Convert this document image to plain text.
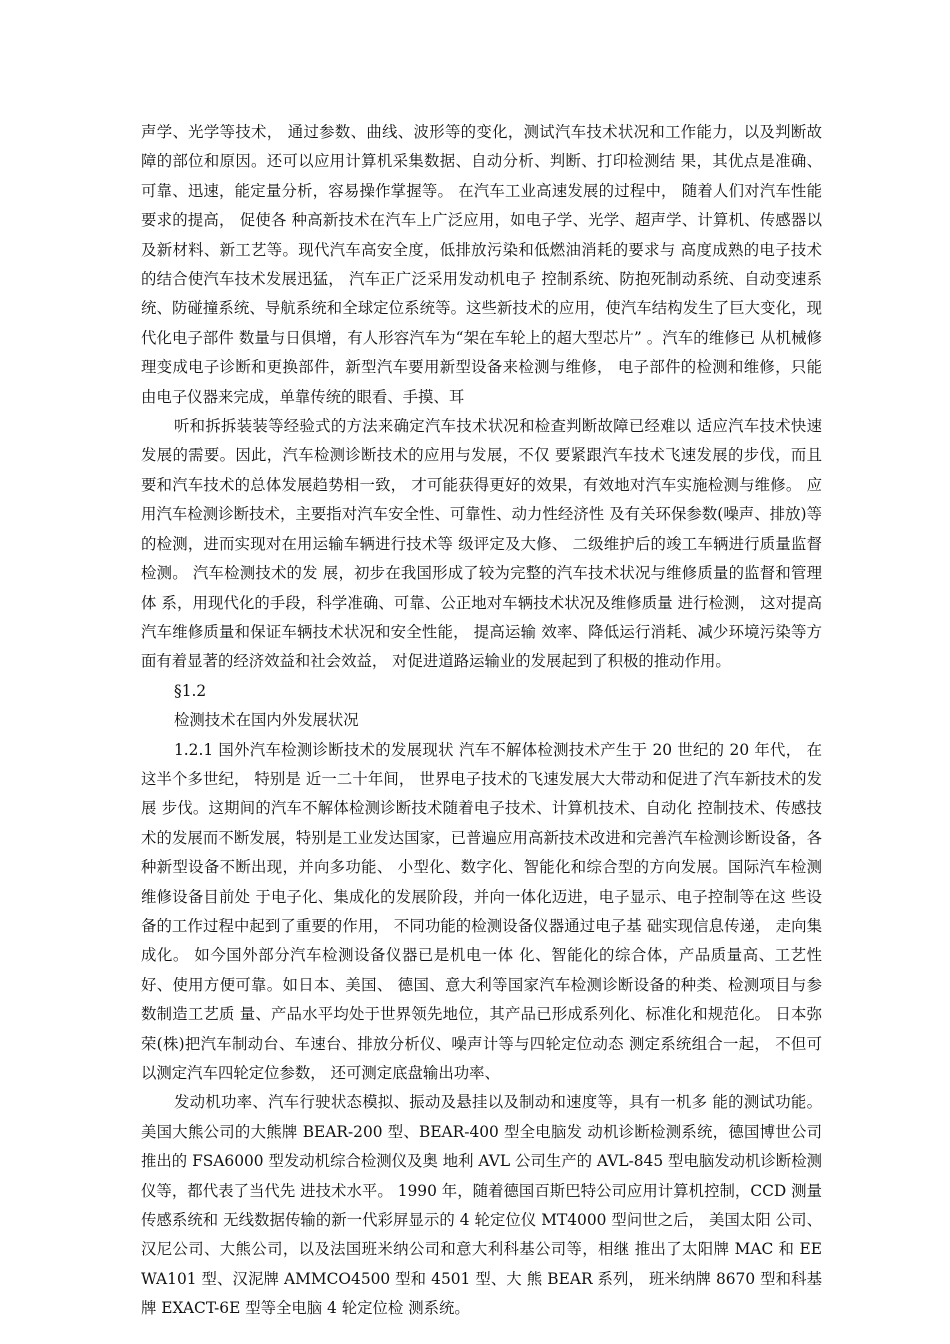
声学、光学等技术， 通过参数、曲线、波形等的变化，测试汽车技术状况和工作能力，以及判断故 障的部位和原因。还可以应用计算机采集数据、自动分析、判断、打印检测结 果，其优点是准确、可靠、迅速，能定量分析，容易操作掌握等。 在汽车工业高速发展的过程中， 随着人们对汽车性能要求的提高， 促使各 种高新技术在汽车上广泛应用，如电子学、光学、超声学、计算机、传感器以 及新材料、新工艺等。现代汽车高安全度，低排放污染和低燃油消耗的要求与 高度成熟的电子技术的结合使汽车技术发展迅猛， 汽车正广泛采用发动机电子 控制系统、防抱死制动系统、自动变速系统、防碰撞系统、导航系统和全球定位系统等。这些新技术的应用，使汽车结构发生了巨大变化，现代化电子部件 数量与日俱增，有人形容汽车为“架在车轮上的超大型芯片” 。汽车的维修已 从机械修理变成电子诊断和更换部件，新型汽车要用新型设备来检测与维修， 电子部件的检测和维修，只能由电子仪器来完成，单靠传统的眼看、手摸、耳

听和拆拆装装等经验式的方法来确定汽车技术状况和检查判断故障已经难以 适应汽车技术快速发展的需要。因此，汽车检测诊断技术的应用与发展，不仅 要紧跟汽车技术飞速发展的步伐，而且要和汽车技术的总体发展趋势相一致， 才可能获得更好的效果，有效地对汽车实施检测与维修。 应用汽车检测诊断技术，主要指对汽车安全性、可靠性、动力性经济性 及有关环保参数(噪声、排放)等的检测，进而实现对在用运输车辆进行技术等 级评定及大修、 二级维护后的竣工车辆进行质量监督检测。 汽车检测技术的发 展，初步在我国形成了较为完整的汽车技术状况与维修质量的监督和管理体 系，用现代化的手段，科学准确、可靠、公正地对车辆技术状况及维修质量 进行检测， 这对提高汽车维修质量和保证车辆技术状况和安全性能， 提高运输 效率、降低运行消耗、减少环境污染等方面有着显著的经济效益和社会效益， 对促进道路运输业的发展起到了积极的推动作用。

§1.2

检测技术在国内外发展状况

1.2.1 国外汽车检测诊断技术的发展现状 汽车不解体检测技术产生于 20 世纪的 20 年代， 在这半个多世纪， 特别是 近一二十年间， 世界电子技术的飞速发展大大带动和促进了汽车新技术的发展 步伐。这期间的汽车不解体检测诊断技术随着电子技术、计算机技术、自动化 控制技术、传感技术的发展而不断发展，特别是工业发达国家，已普遍应用高新技术改进和完善汽车检测诊断设备，各种新型设备不断出现，并向多功能、 小型化、数字化、智能化和综合型的方向发展。国际汽车检测维修设备目前处 于电子化、集成化的发展阶段，并向一体化迈进，电子显示、电子控制等在这 些设备的工作过程中起到了重要的作用， 不同功能的检测设备仪器通过电子基 础实现信息传递， 走向集成化。 如今国外部分汽车检测设备仪器已是机电一体 化、智能化的综合体，产品质量高、工艺性好、使用方便可靠。如日本、美国、 德国、意大利等国家汽车检测诊断设备的种类、检测项目与参数制造工艺质 量、产品水平均处于世界领先地位，其产品已形成系列化、标准化和规范化。 日本弥荣(株)把汽车制动台、车速台、排放分析仪、噪声计等与四轮定位动态 测定系统组合一起， 不但可以测定汽车四轮定位参数， 还可测定底盘输出功率、

发动机功率、汽车行驶状态模拟、振动及悬挂以及制动和速度等，具有一机多 能的测试功能。美国大熊公司的大熊牌 BEAR-200 型、BEAR-400 型全电脑发 动机诊断检测系统，德国博世公司推出的 FSA6000 型发动机综合检测仪及奥 地利 AVL 公司生产的 AVL-845 型电脑发动机诊断检测仪等，都代表了当代先 进技术水平。 1990 年，随着德国百斯巴特公司应用计算机控制，CCD 测量传感系统和 无线数据传输的新一代彩屏显示的 4 轮定位仪 MT4000 型问世之后， 美国太阳 公司、汉尼公司、大熊公司，以及法国班米纳公司和意大利科基公司等，相继 推出了太阳牌 MAC 和 EEWA101 型、汉泥牌 AMMCO4500 型和 4501 型、大 熊 BEAR 系列， 班米纳牌 8670 型和科基牌 EXACT-6E 型等全电脑 4 轮定位检 测系统。
